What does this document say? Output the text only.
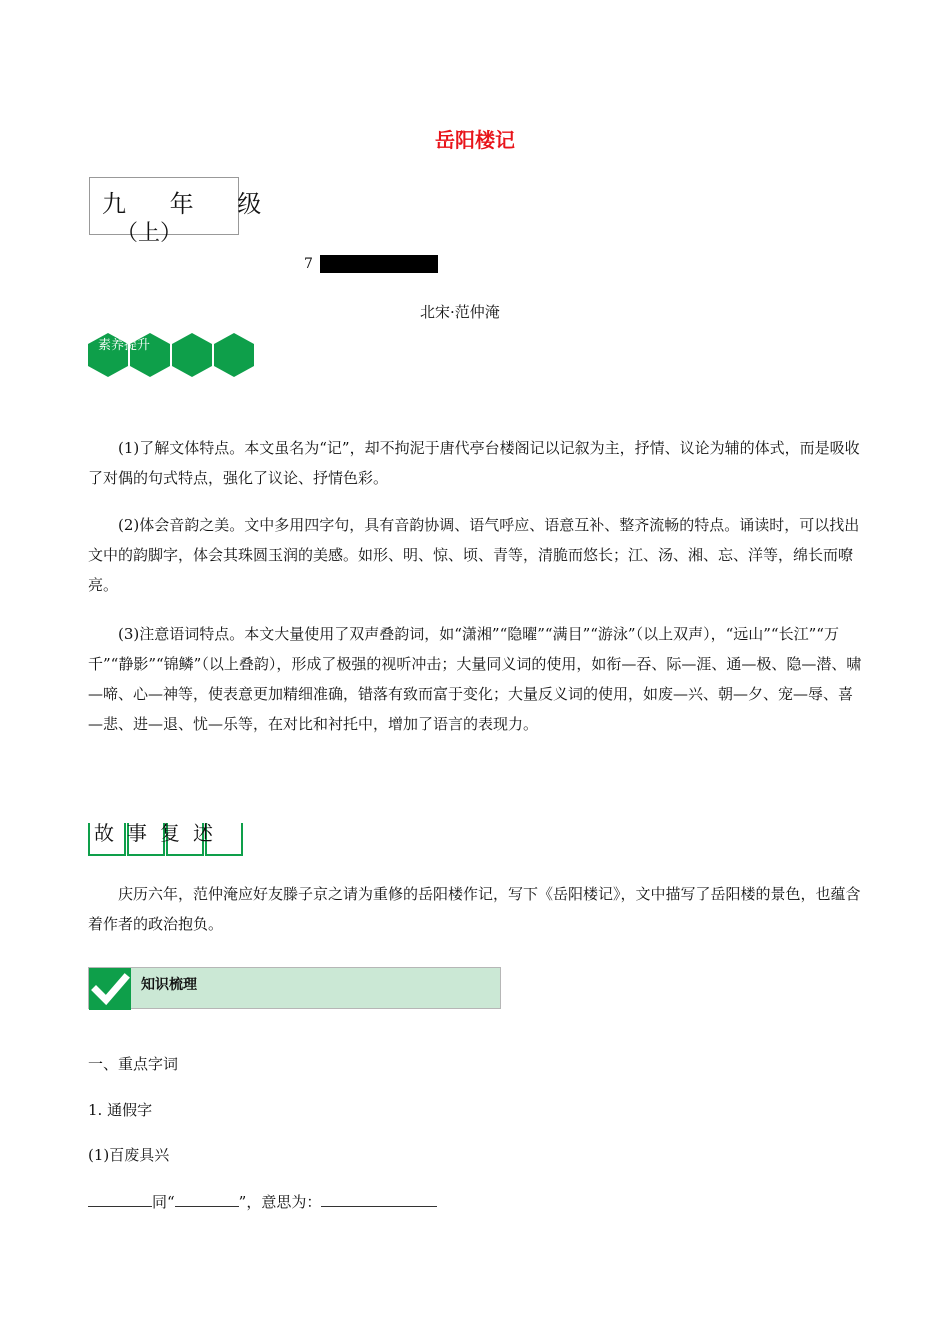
岳阳楼记
九 年 级
（上）
7
北宋·范仲淹
素养提升
(1)了解文体特点。本文虽名为“记”，却不拘泥于唐代亭台楼阁记以记叙为主，抒情、议论为辅的体式，而是吸收了对偶的句式特点，强化了议论、抒情色彩。
(2)体会音韵之美。文中多用四字句，具有音韵协调、语气呼应、语意互补、整齐流畅的特点。诵读时，可以找出文中的韵脚字，体会其珠圆玉润的美感。如形、明、惊、顷、青等，清脆而悠长；江、汤、湘、忘、洋等，绵长而嘹亮。
(3)注意语词特点。本文大量使用了双声叠韵词，如“潇湘”“隐曜”“满目”“游泳”（以上双声），“远山”“长江”“万千”“静影”“锦鳞”（以上叠韵），形成了极强的视听冲击；大量同义词的使用，如衔—吞、际—涯、通—极、隐—潜、啸—啼、心—神等，使表意更加精细准确，错落有致而富于变化；大量反义词的使用，如废—兴、朝—夕、宠—辱、喜—悲、进—退、忧—乐等，在对比和衬托中，增加了语言的表现力。
故事复述
庆历六年，范仲淹应好友滕子京之请为重修的岳阳楼作记，写下《岳阳楼记》，文中描写了岳阳楼的景色，也蕴含着作者的政治抱负。
知识梳理
一、重点字词
1. 通假字
(1)百废具兴
同“	”，意思为：
